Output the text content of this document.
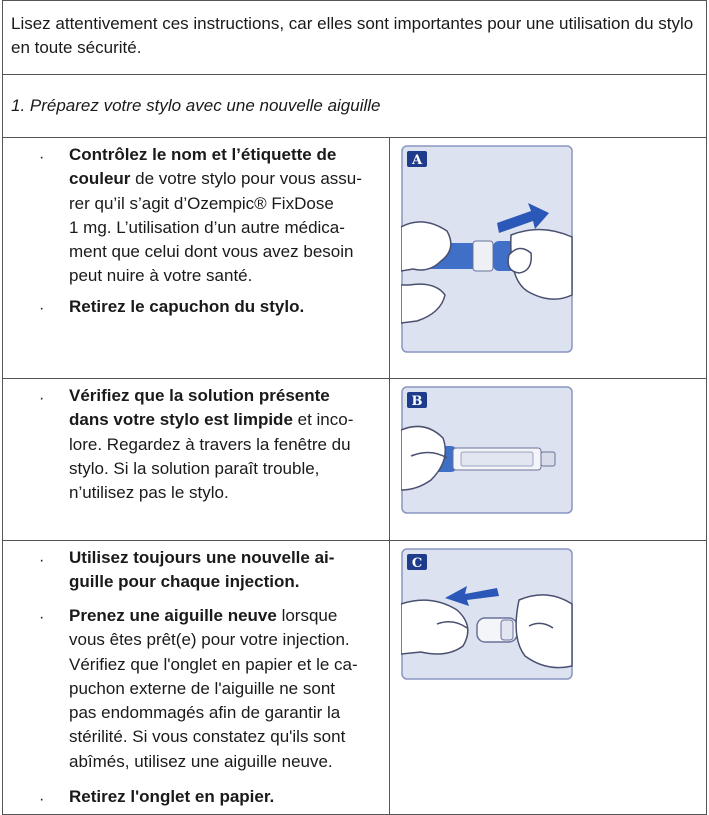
Lisez attentivement ces instructions, car elles sont importantes pour une utilisation du stylo en toute sécurité.

1. Préparez votre stylo avec une nouvelle aiguille
· Contrôlez le nom et l’étiquette de
couleur de votre stylo pour vous assu-
rer qu’il s’agit d’Ozempic® FixDose
1 mg. L’utilisation d’un autre médica-
ment que celui dont vous avez besoin
peut nuire à votre santé.
· Retirez le capuchon du stylo.
A
· Vérifiez que la solution présente
dans votre stylo est limpide et inco-
lore. Regardez à travers la fenêtre du
stylo. Si la solution paraît trouble,
n’utilisez pas le stylo.
B
· Utilisez toujours une nouvelle ai-
guille pour chaque injection.
· Prenez une aiguille neuve lorsque
vous êtes prêt(e) pour votre injection.
Vérifiez que l'onglet en papier et le ca-
puchon externe de l'aiguille ne sont
pas endommagés afin de garantir la
stérilité. Si vous constatez qu'ils sont
abîmés, utilisez une aiguille neuve.
· Retirez l'onglet en papier.
C
